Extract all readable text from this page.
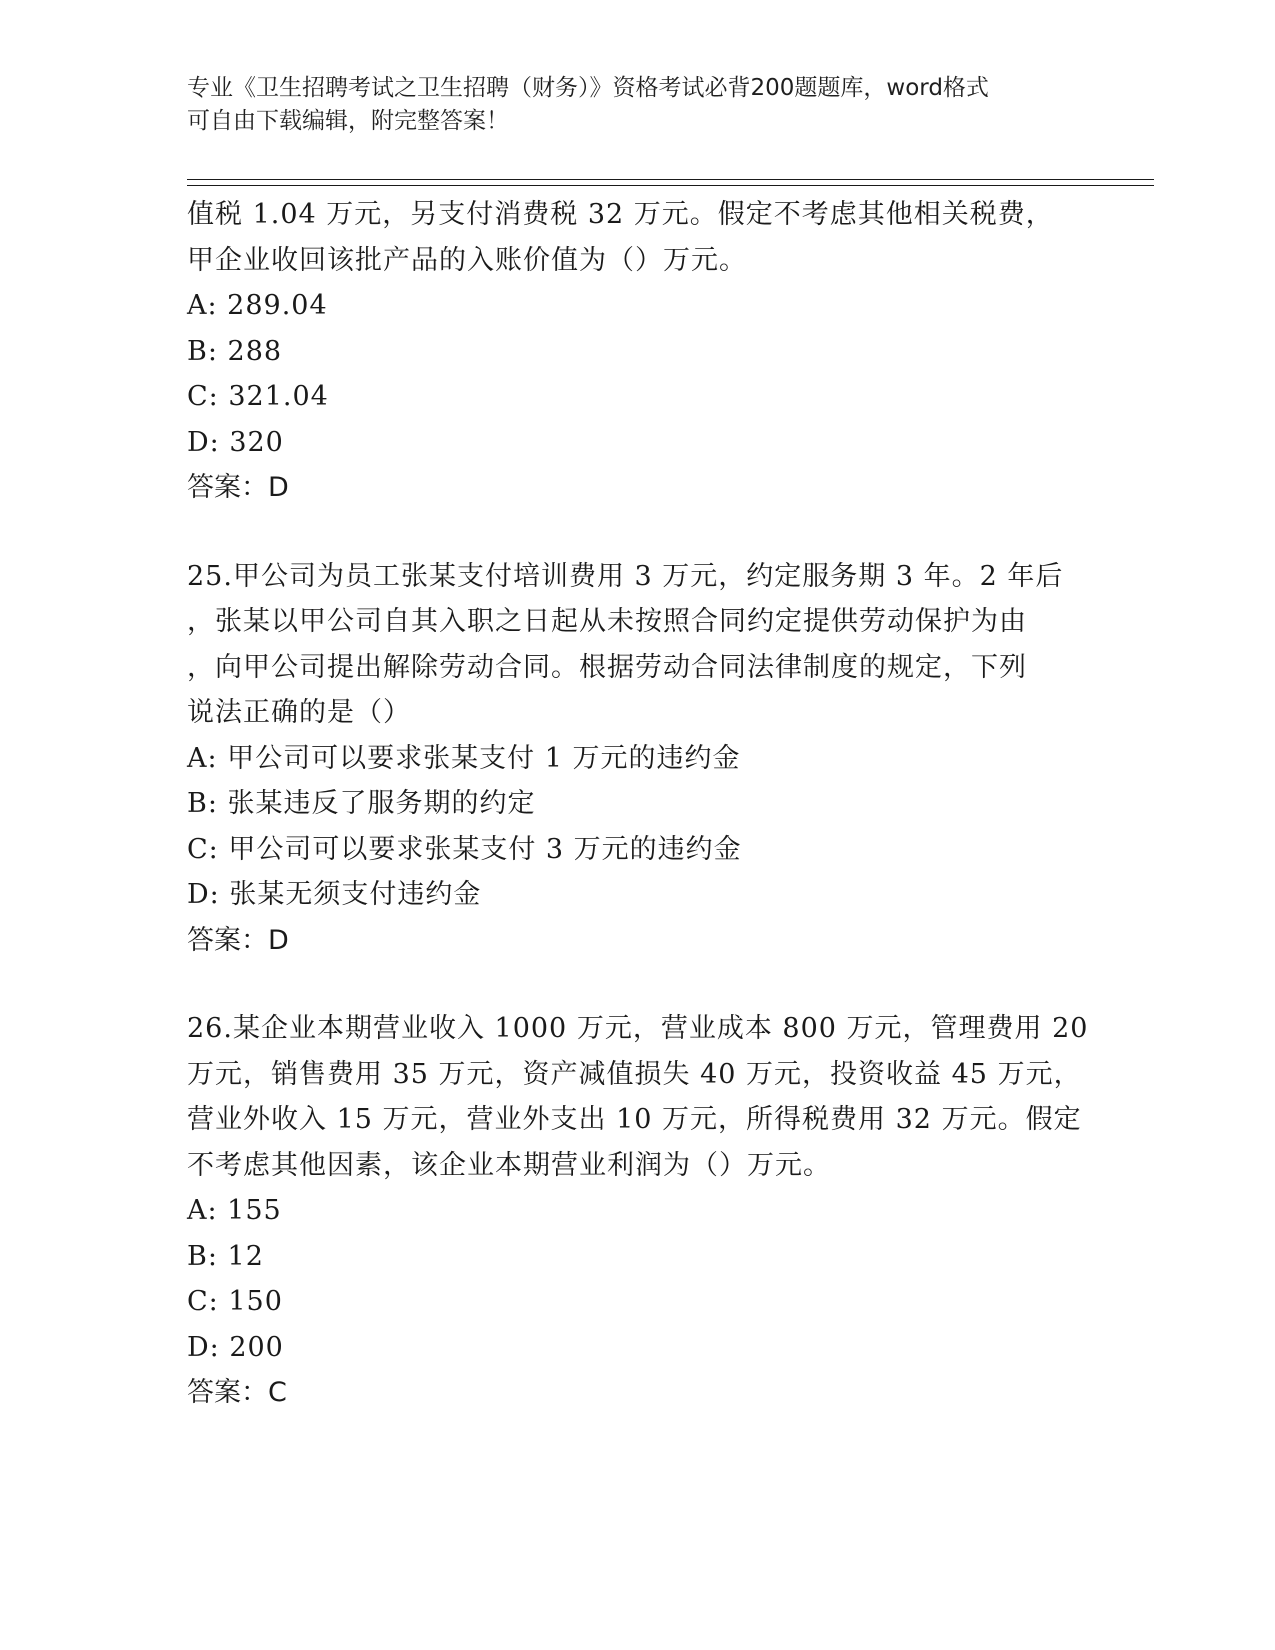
专业《卫生招聘考试之卫生招聘（财务）》资格考试必背200题题库，word格式
可自由下载编辑，附完整答案！
值税 1.04 万元，另支付消费税 32 万元。假定不考虑其他相关税费，
甲企业收回该批产品的入账价值为（）万元。
A: 289.04
B: 288
C: 321.04
D: 320
答案：D
25.甲公司为员工张某支付培训费用 3 万元，约定服务期 3 年。2 年后
，张某以甲公司自其入职之日起从未按照合同约定提供劳动保护为由
，向甲公司提出解除劳动合同。根据劳动合同法律制度的规定，下列
说法正确的是（）
A: 甲公司可以要求张某支付 1 万元的违约金
B: 张某违反了服务期的约定
C: 甲公司可以要求张某支付 3 万元的违约金
D: 张某无须支付违约金
答案：D
26.某企业本期营业收入 1000 万元，营业成本 800 万元，管理费用 20
万元，销售费用 35 万元，资产减值损失 40 万元，投资收益 45 万元，
营业外收入 15 万元，营业外支出 10 万元，所得税费用 32 万元。假定
不考虑其他因素，该企业本期营业利润为（）万元。
A: 155
B: 12
C: 150
D: 200
答案：C
